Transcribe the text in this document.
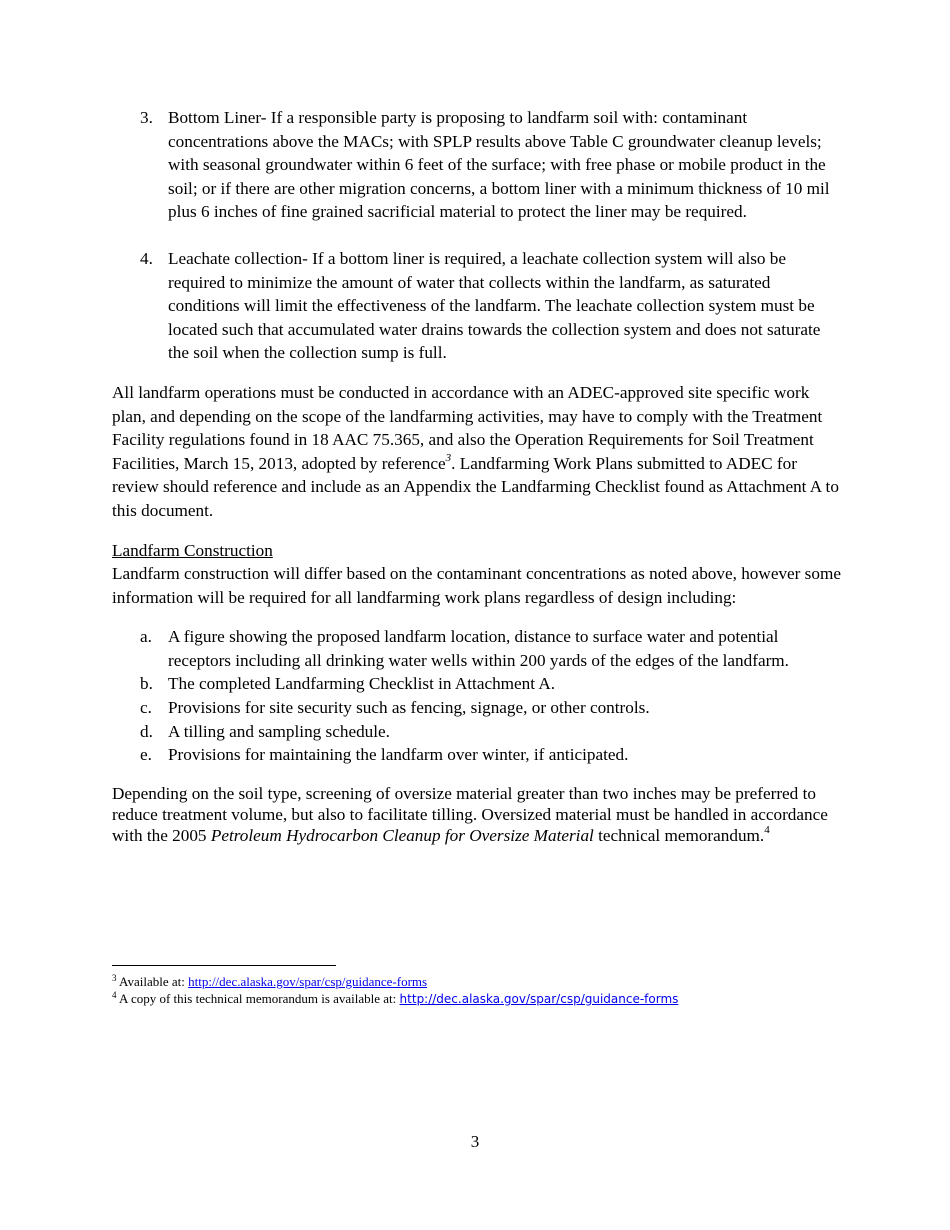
3. Bottom Liner- If a responsible party is proposing to landfarm soil with: contaminant concentrations above the MACs; with SPLP results above Table C groundwater cleanup levels; with seasonal groundwater within 6 feet of the surface; with free phase or mobile product in the soil; or if there are other migration concerns, a bottom liner with a minimum thickness of 10 mil plus 6 inches of fine grained sacrificial material to protect the liner may be required.
4. Leachate collection- If a bottom liner is required, a leachate collection system will also be required to minimize the amount of water that collects within the landfarm, as saturated conditions will limit the effectiveness of the landfarm. The leachate collection system must be located such that accumulated water drains towards the collection system and does not saturate the soil when the collection sump is full.

All landfarm operations must be conducted in accordance with an ADEC-approved site specific work plan, and depending on the scope of the landfarming activities, may have to comply with the Treatment Facility regulations found in 18 AAC 75.365, and also the Operation Requirements for Soil Treatment Facilities, March 15, 2013, adopted by reference$^3$. Landfarming Work Plans submitted to ADEC for review should reference and include as an Appendix the Landfarming Checklist found as Attachment A to this document.

Landfarm Construction

Landfarm construction will differ based on the contaminant concentrations as noted above, however some information will be required for all landfarming work plans regardless of design including:

a. A figure showing the proposed landfarm location, distance to surface water and potential receptors including all drinking water wells within 200 yards of the edges of the landfarm.
b. The completed Landfarming Checklist in Attachment A.
c. Provisions for site security such as fencing, signage, or other controls.
d. A tilling and sampling schedule.
e. Provisions for maintaining the landfarm over winter, if anticipated.

Depending on the soil type, screening of oversize material greater than two inches may be preferred to reduce treatment volume, but also to facilitate tilling. Oversized material must be handled in accordance with the 2005 Petroleum Hydrocarbon Cleanup for Oversize Material technical memorandum.$^4$

$^3$ Available at: http://dec.alaska.gov/spar/csp/guidance-forms
$^4$ A copy of this technical memorandum is available at: http://dec.alaska.gov/spar/csp/guidance-forms
3
